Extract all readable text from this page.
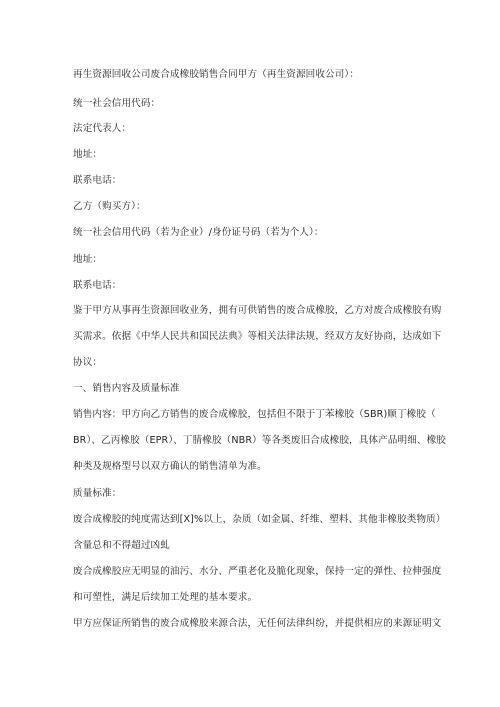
再生资源回收公司废合成橡胶销售合同甲方（再生资源回收公司）：
统一社会信用代码：
法定代表人：
地址：
联系电话：
乙方（购买方）：
统一社会信用代码（若为企业）/身份证号码（若为个人）：
地址：
联系电话：
鉴于甲方从事再生资源回收业务，拥有可供销售的废合成橡胶，乙方对废合成橡胶有购
买需求。依据《中华人民共和国民法典》等相关法律法规，经双方友好协商，达成如下
协议：
一、销售内容及质量标准
销售内容：甲方向乙方销售的废合成橡胶，包括但不限于丁苯橡胶（SBR)顺丁橡胶（
BR）、乙丙橡胶（EPR）、丁腈橡胶（NBR）等各类废旧合成橡胶，具体产品明细、橡胶
种类及规格型号以双方确认的销售清单为准。
质量标准：
废合成橡胶的纯度需达到[X]%以上，杂质（如金属、纤维、塑料、其他非橡胶类物质）
含量总和不得超过凶虬
废合成橡胶应无明显的油污、水分、严重老化及脆化现象，保持一定的弹性、拉伸强度
和可塑性，满足后续加工处理的基本要求。
甲方应保证所销售的废合成橡胶来源合法，无任何法律纠纷，并提供相应的来源证明文
